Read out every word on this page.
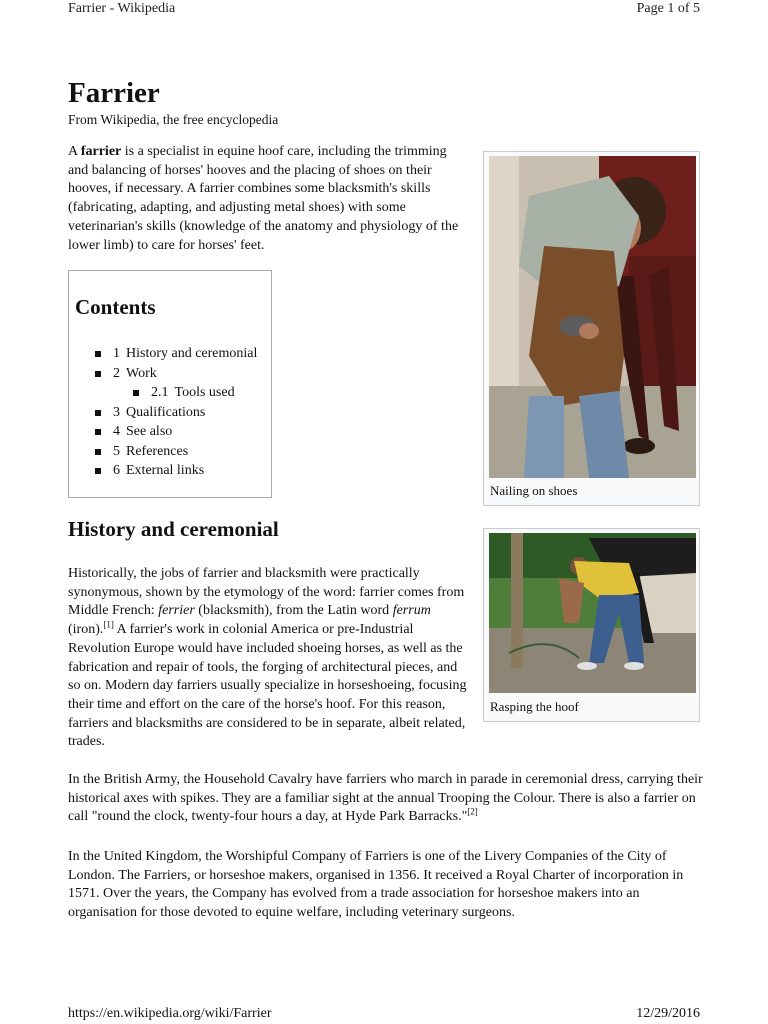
Farrier - Wikipedia	Page 1 of 5
Farrier
From Wikipedia, the free encyclopedia

A farrier is a specialist in equine hoof care, including the trimming and balancing of horses' hooves and the placing of shoes on their hooves, if necessary. A farrier combines some blacksmith's skills (fabricating, adapting, and adjusting metal shoes) with some veterinarian's skills (knowledge of the anatomy and physiology of the lower limb) to care for horses' feet.

Contents
1 History and ceremonial
2 Work
2.1 Tools used
3 Qualifications
4 See also
5 References
6 External links
Nailing on shoes
Rasping the hoof
History and ceremonial

Historically, the jobs of farrier and blacksmith were practically synonymous, shown by the etymology of the word: farrier comes from Middle French: ferrier (blacksmith), from the Latin word ferrum (iron).[1] A farrier's work in colonial America or pre-Industrial Revolution Europe would have included shoeing horses, as well as the fabrication and repair of tools, the forging of architectural pieces, and so on. Modern day farriers usually specialize in horseshoeing, focusing their time and effort on the care of the horse's hoof. For this reason, farriers and blacksmiths are considered to be in separate, albeit related, trades.

In the British Army, the Household Cavalry have farriers who march in parade in ceremonial dress, carrying their historical axes with spikes. They are a familiar sight at the annual Trooping the Colour. There is also a farrier on call "round the clock, twenty-four hours a day, at Hyde Park Barracks."[2]

In the United Kingdom, the Worshipful Company of Farriers is one of the Livery Companies of the City of London. The Farriers, or horseshoe makers, organised in 1356. It received a Royal Charter of incorporation in 1571. Over the years, the Company has evolved from a trade association for horseshoe makers into an organisation for those devoted to equine welfare, including veterinary surgeons.

https://en.wikipedia.org/wiki/Farrier	12/29/2016
